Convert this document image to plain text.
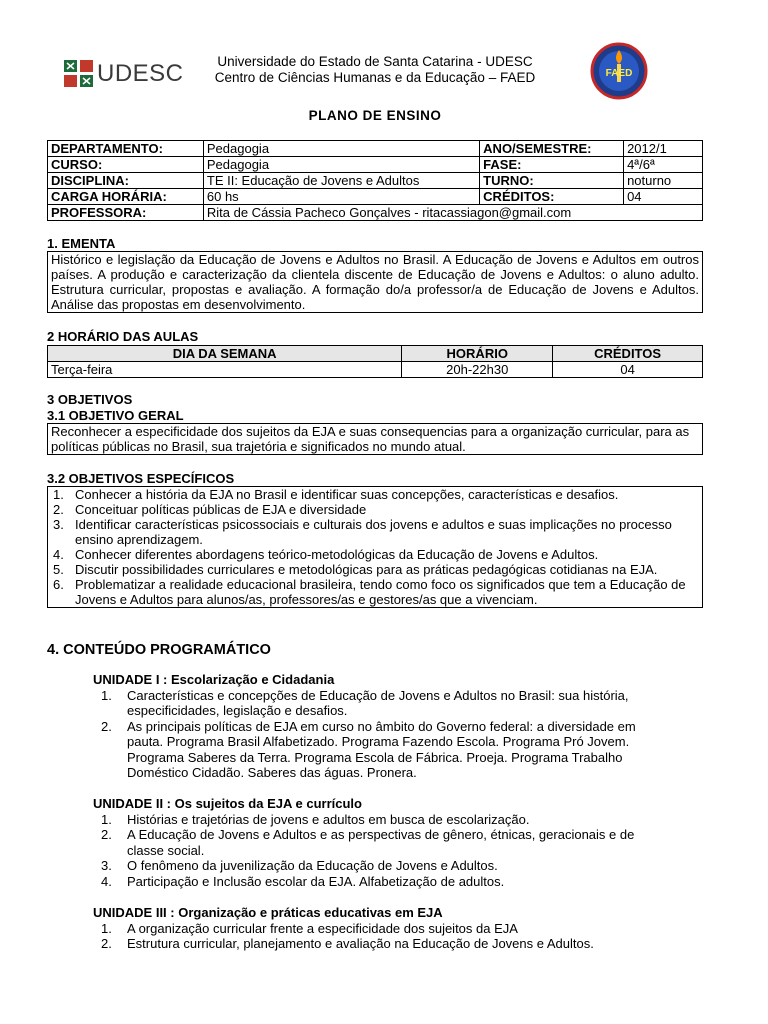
UDESC	Universidade do Estado de Santa Catarina - UDESC
Centro de Ciências Humanas e da Educação – FAED	FAED
PLANO DE ENSINO
DEPARTAMENTO:	Pedagogia	ANO/SEMESTRE:	2012/1
CURSO:	Pedagogia	FASE:	4ª/6ª
DISCIPLINA:	TE II: Educação de Jovens e Adultos	TURNO:	noturno
CARGA HORÁRIA:	60 hs	CRÉDITOS:	04
PROFESSORA:	Rita de Cássia Pacheco Gonçalves - ritacassiagon@gmail.com		
1. EMENTA
Histórico e legislação da Educação de Jovens e Adultos no Brasil. A Educação de Jovens e Adultos em outros países. A produção e caracterização da clientela discente de Educação de Jovens e Adultos: o aluno adulto. Estrutura curricular, propostas e avaliação. A formação do/a professor/a de Educação de Jovens e Adultos. Análise das propostas em desenvolvimento.
2 HORÁRIO DAS AULAS
DIA DA SEMANA	HORÁRIO	CRÉDITOS
Terça-feira	20h-22h30	04
3 OBJETIVOS
3.1 OBJETIVO GERAL
Reconhecer a especificidade dos sujeitos da EJA e suas consequencias para a organização curricular, para as políticas públicas no Brasil, sua trajetória e significados no mundo atual.
3.2 OBJETIVOS ESPECÍFICOS
1. Conhecer a história da EJA no Brasil e identificar suas concepções, características e desafios.
2. Conceituar políticas públicas de EJA e diversidade
3. Identificar características psicossociais e culturais dos jovens e adultos e suas implicações no processo ensino aprendizagem.
4. Conhecer diferentes abordagens teórico-metodológicas da Educação de Jovens e Adultos.
5. Discutir possibilidades curriculares e metodológicas para as práticas pedagógicas cotidianas na EJA.
6. Problematizar a realidade educacional brasileira, tendo como foco os significados que tem a Educação de Jovens e Adultos para alunos/as, professores/as e gestores/as que a vivenciam.
4. CONTEÚDO PROGRAMÁTICO
UNIDADE I : Escolarização e Cidadania
1. Características e concepções de Educação de Jovens e Adultos no Brasil: sua história, especificidades, legislação e desafios.
2. As principais políticas de EJA em curso no âmbito do Governo federal: a diversidade em pauta. Programa Brasil Alfabetizado. Programa Fazendo Escola. Programa Pró Jovem. Programa Saberes da Terra. Programa Escola de Fábrica. Proeja. Programa Trabalho Doméstico Cidadão. Saberes das águas. Pronera.
UNIDADE II : Os sujeitos da EJA e currículo
1. Histórias e trajetórias de jovens e adultos em busca de escolarização.
2. A Educação de Jovens e Adultos e as perspectivas de gênero, étnicas, geracionais e de classe social.
3. O fenômeno da juvenilização da Educação de Jovens e Adultos.
4. Participação e Inclusão escolar da EJA. Alfabetização de adultos.
UNIDADE III : Organização e práticas educativas em EJA
1. A organização curricular frente a especificidade dos sujeitos da EJA
2. Estrutura curricular, planejamento e avaliação na Educação de Jovens e Adultos.
